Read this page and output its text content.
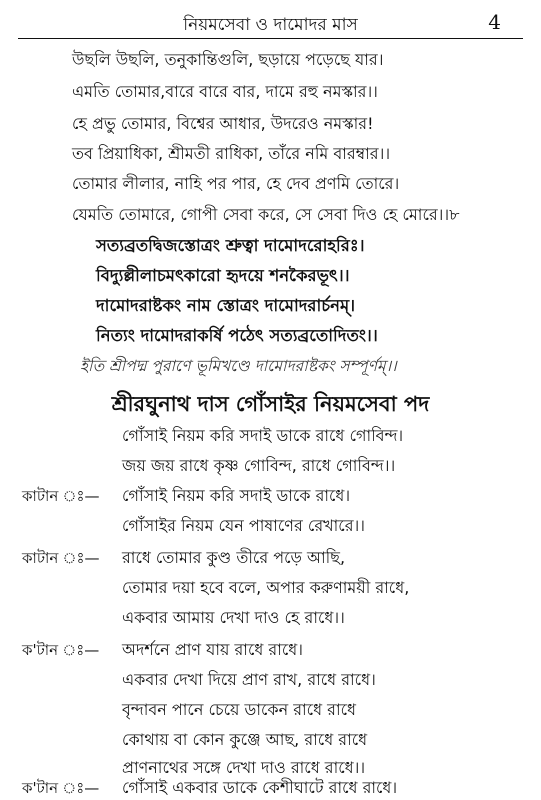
নিয়মসেবা ও দামোদর মাস	4
উছলি উছলি, তনুকান্তিগুলি, ছড়ায়ে পড়েছে যার।
এমতি তোমার,বারে বারে বার, দামে রহু নমস্কার।।
হে প্রভু তোমার, বিশ্বের আধার, উদরেও নমস্কার!
তব প্রিয়াধিকা, শ্রীমতী রাধিকা, তাঁরে নমি বারম্বার।।
তোমার লীলার, নাহি পর পার, হে দেব প্রণমি তোরে।
যেমতি তোমারে, গোপী সেবা করে, সে সেবা দিও হে মোরে।।৮
সত্যব্রতদ্বিজস্তোত্রং শ্রুত্বা দামোদরোহরিঃ।
বিদ্যুল্লীলাচমৎকারো হৃদয়ে শনকৈরভূৎ।।
দামোদরাষ্টকং নাম স্তোত্রং দামোদরার্চনম্।
নিত্যং দামোদরাকর্ষি পঠেৎ সত্যব্রতোদিতং।।
ইতি শ্রীপদ্ম পুরাণে ভূমিখণ্ডে দামোদরাষ্টকং সম্পূর্ণম্।।
শ্রীরঘুনাথ দাস গোঁসাইর নিয়মসেবা পদ
গোঁসাই নিয়ম করি সদাই ডাকে রাধে গোবিন্দ।
জয় জয় রাধে কৃষ্ণ গোবিন্দ, রাধে গোবিন্দ।।
কাটান ঃ— গোঁসাই নিয়ম করি সদাই ডাকে রাধে।
গোঁসাইর নিয়ম যেন পাষাণের রেখারে।।
কাটান ঃ— রাধে তোমার কুণ্ড তীরে পড়ে আছি,
তোমার দয়া হবে বলে, অপার করুণাময়ী রাধে,
একবার আমায় দেখা দাও হে রাধে।।
ক'টান ঃ— অদর্শনে প্রাণ যায় রাধে রাধে।
একবার দেখা দিয়ে প্রাণ রাখ, রাধে রাধে।
বৃন্দাবন পানে চেয়ে ডাকেন রাধে রাধে
কোথায় বা কোন কুঞ্জে আছ, রাধে রাধে
প্রাণনাথের সঙ্গে দেখা দাও রাধে রাধে।।
ক'টান ঃ— গোঁসাই একবার ডাকে কেশীঘাটে রাধে রাধে।
